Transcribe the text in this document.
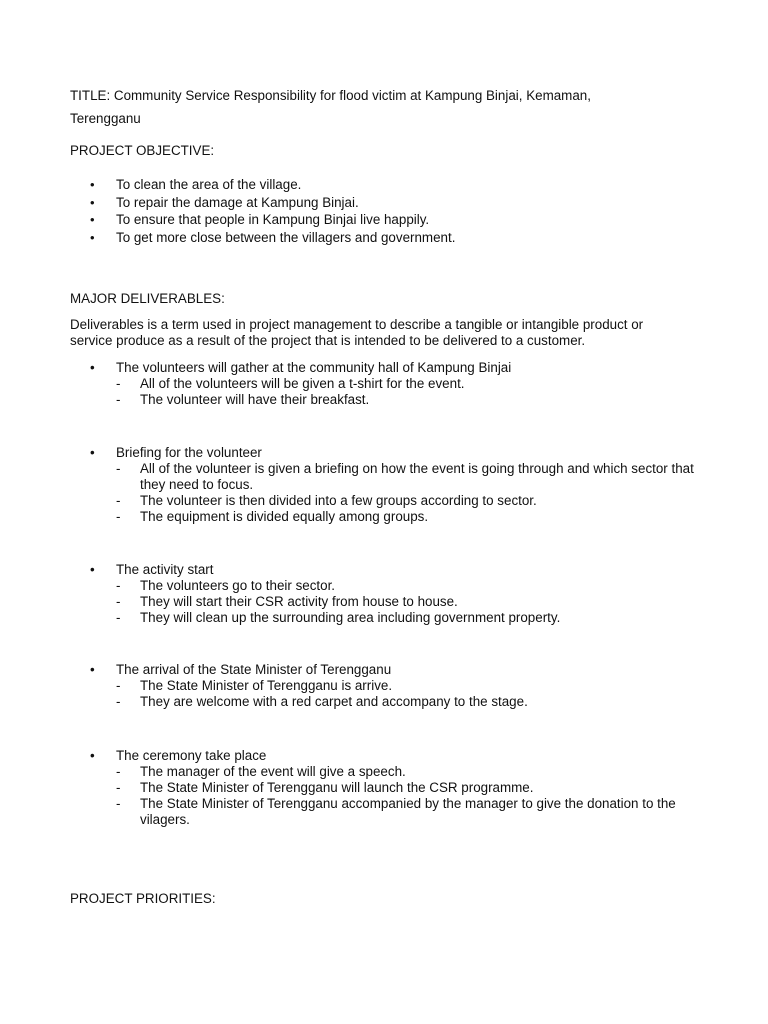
TITLE: Community Service Responsibility for flood victim at Kampung Binjai, Kemaman,

Terengganu

PROJECT OBJECTIVE:

• To clean the area of the village.
• To repair the damage at Kampung Binjai.
• To ensure that people in Kampung Binjai live happily.
• To get more close between the villagers and government.

MAJOR DELIVERABLES:

Deliverables is a term used in project management to describe a tangible or intangible product or

service produce as a result of the project that is intended to be delivered to a customer.

• The volunteers will gather at the community hall of Kampung Binjai
- All of the volunteers will be given a t-shirt for the event.
- The volunteer will have their breakfast.
• Briefing for the volunteer
- All of the volunteer is given a briefing on how the event is going through and which sector that they need to focus.
- The volunteer is then divided into a few groups according to sector.
- The equipment is divided equally among groups.
• The activity start
- The volunteers go to their sector.
- They will start their CSR activity from house to house.
- They will clean up the surrounding area including government property.
• The arrival of the State Minister of Terengganu
- The State Minister of Terengganu is arrive.
- They are welcome with a red carpet and accompany to the stage.
• The ceremony take place
- The manager of the event will give a speech.
- The State Minister of Terengganu will launch the CSR programme.
- The State Minister of Terengganu accompanied by the manager to give the donation to the vilagers.

PROJECT PRIORITIES:
